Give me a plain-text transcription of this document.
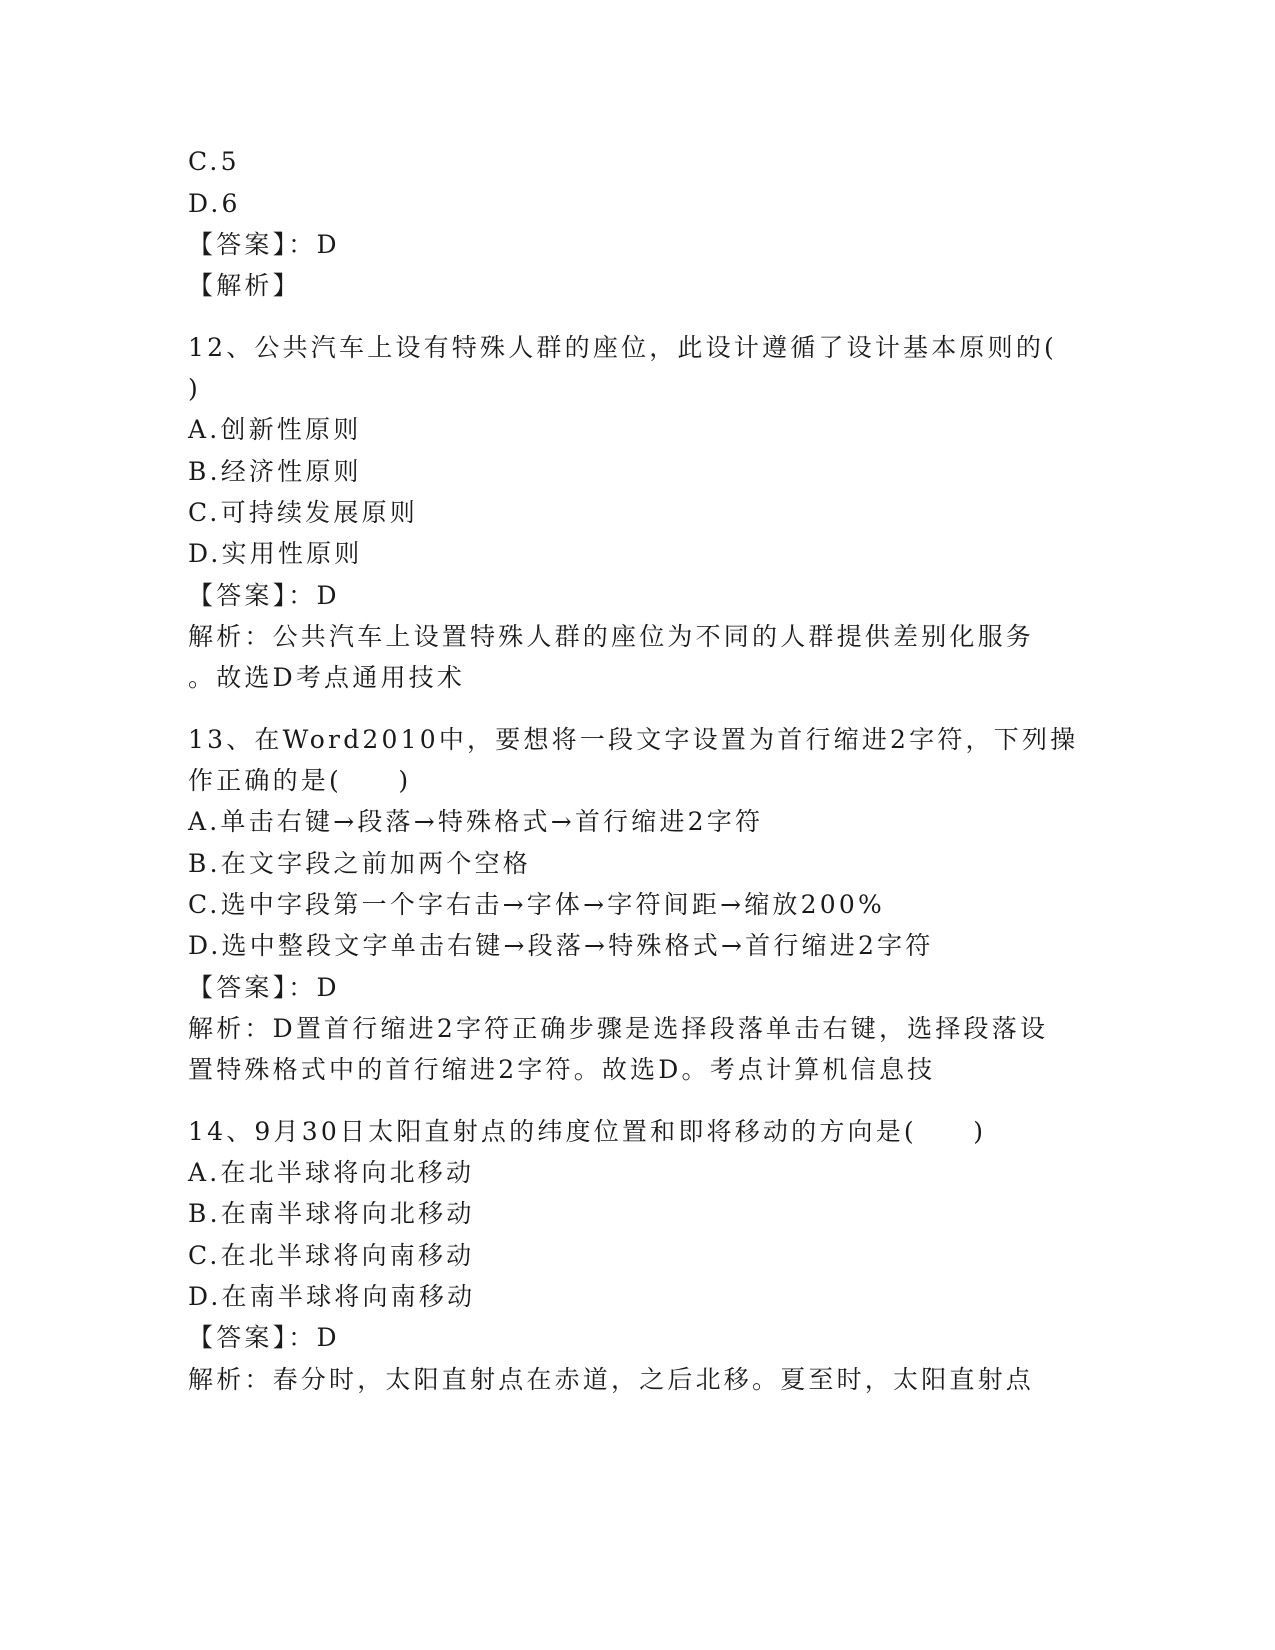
C.5
D.6
【答案】：D
【解析】
12、公共汽车上设有特殊人群的座位，此设计遵循了设计基本原则的(
)
A.创新性原则
B.经济性原则
C.可持续发展原则
D.实用性原则
【答案】：D
解析：公共汽车上设置特殊人群的座位为不同的人群提供差别化服务
。故选D考点通用技术
13、在Word2010中，要想将一段文字设置为首行缩进2字符，下列操
作正确的是(　　)
A.单击右键→段落→特殊格式→首行缩进2字符
B.在文字段之前加两个空格
C.选中字段第一个字右击→字体→字符间距→缩放200%
D.选中整段文字单击右键→段落→特殊格式→首行缩进2字符
【答案】：D
解析：D置首行缩进2字符正确步骤是选择段落单击右键，选择段落设
置特殊格式中的首行缩进2字符。故选D。考点计算机信息技
14、9月30日太阳直射点的纬度位置和即将移动的方向是(　　)
A.在北半球将向北移动
B.在南半球将向北移动
C.在北半球将向南移动
D.在南半球将向南移动
【答案】：D
解析：春分时，太阳直射点在赤道，之后北移。夏至时，太阳直射点
